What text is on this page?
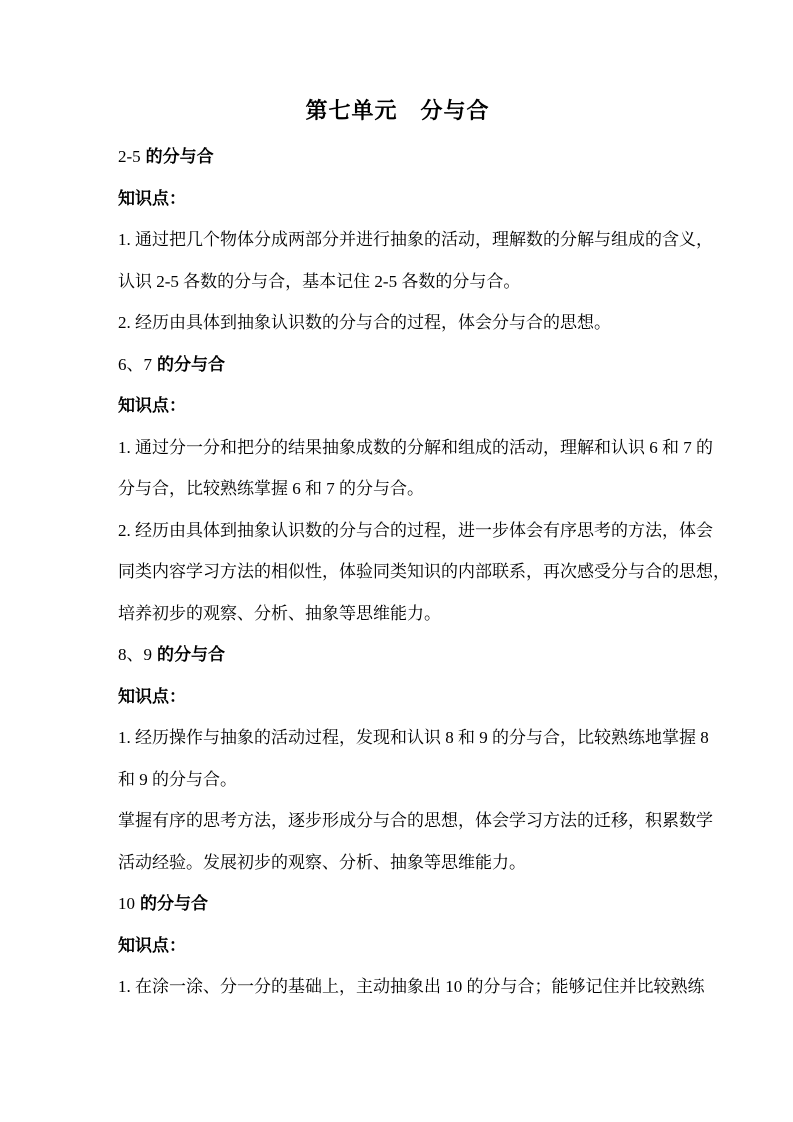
第七单元　分与合
2-5 的分与合
知识点：
1. 通过把几个物体分成两部分并进行抽象的活动，理解数的分解与组成的含义，
认识 2-5 各数的分与合，基本记住 2-5 各数的分与合。
2. 经历由具体到抽象认识数的分与合的过程，体会分与合的思想。
6、7 的分与合
知识点：
1. 通过分一分和把分的结果抽象成数的分解和组成的活动，理解和认识 6 和 7 的
分与合，比较熟练掌握 6 和 7 的分与合。
2. 经历由具体到抽象认识数的分与合的过程，进一步体会有序思考的方法，体会
同类内容学习方法的相似性，体验同类知识的内部联系，再次感受分与合的思想，
培养初步的观察、分析、抽象等思维能力。
8、9 的分与合
知识点：
1. 经历操作与抽象的活动过程，发现和认识 8 和 9 的分与合，比较熟练地掌握 8
和 9 的分与合。
掌握有序的思考方法，逐步形成分与合的思想，体会学习方法的迁移，积累数学
活动经验。发展初步的观察、分析、抽象等思维能力。
10 的分与合
知识点：
1. 在涂一涂、分一分的基础上，主动抽象出 10 的分与合；能够记住并比较熟练
